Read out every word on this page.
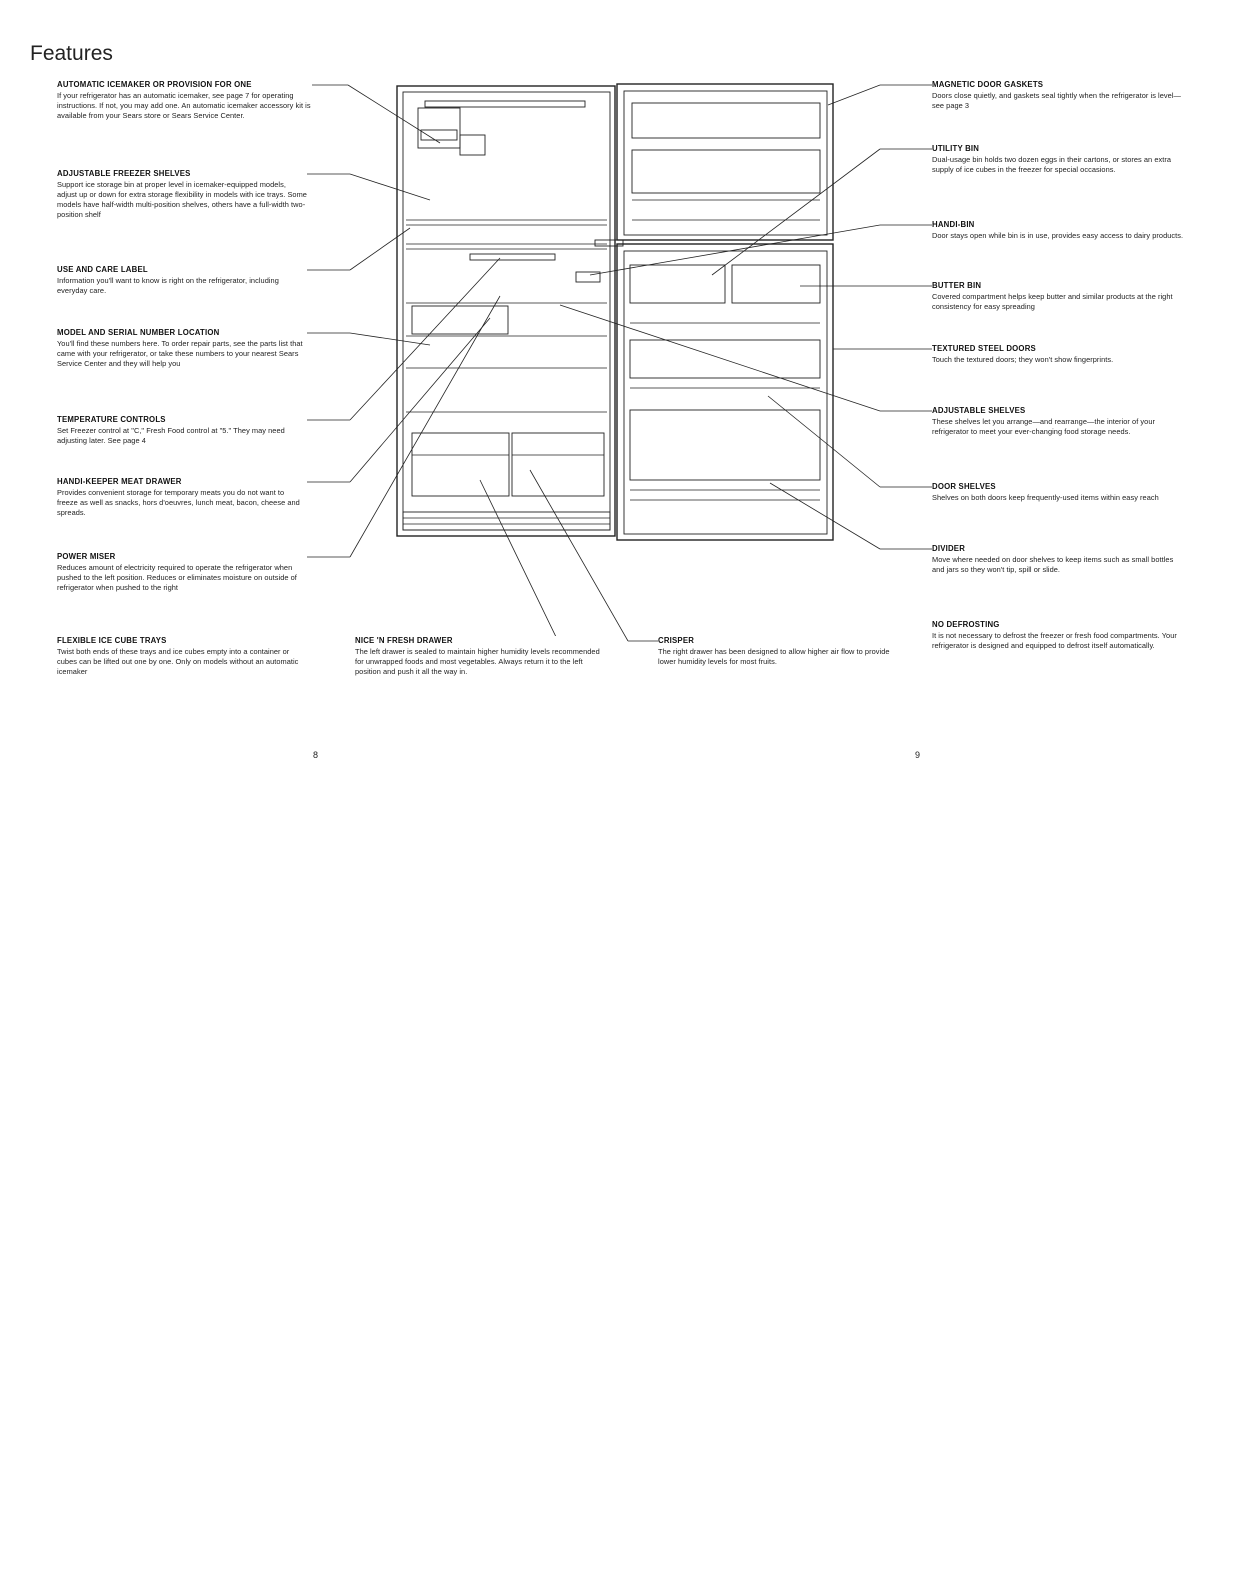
Features
AUTOMATIC ICEMAKER OR PROVISION FOR ONE
If your refrigerator has an automatic icemaker, see page 7 for operating instructions. If not, you may add one. An automatic icemaker accessory kit is available from your Sears store or Sears Service Center.
ADJUSTABLE FREEZER SHELVES
Support ice storage bin at proper level in icemaker-equipped models, adjust up or down for extra storage flexibility in models with ice trays. Some models have half-width multi-position shelves, others have a full-width two-position shelf
USE AND CARE LABEL
Information you'll want to know is right on the refrigerator, including everyday care.
MODEL AND SERIAL NUMBER LOCATION
You'll find these numbers here. To order repair parts, see the parts list that came with your refrigerator, or take these numbers to your nearest Sears Service Center and they will help you
TEMPERATURE CONTROLS
Set Freezer control at "C," Fresh Food control at "5." They may need adjusting later. See page 4
HANDI-KEEPER MEAT DRAWER
Provides convenient storage for temporary meats you do not want to freeze as well as snacks, hors d'oeuvres, lunch meat, bacon, cheese and spreads.
POWER MISER
Reduces amount of electricity required to operate the refrigerator when pushed to the left position. Reduces or eliminates moisture on outside of refrigerator when pushed to the right
FLEXIBLE ICE CUBE TRAYS
Twist both ends of these trays and ice cubes empty into a container or cubes can be lifted out one by one. Only on models without an automatic icemaker
NICE 'N FRESH DRAWER
The left drawer is sealed to maintain higher humidity levels recommended for unwrapped foods and most vegetables. Always return it to the left position and push it all the way in.
CRISPER
The right drawer has been designed to allow higher air flow to provide lower humidity levels for most fruits.
MAGNETIC DOOR GASKETS
Doors close quietly, and gaskets seal tightly when the refrigerator is level—see page 3
UTILITY BIN
Dual-usage bin holds two dozen eggs in their cartons, or stores an extra supply of ice cubes in the freezer for special occasions.
HANDI-BIN
Door stays open while bin is in use, provides easy access to dairy products.
BUTTER BIN
Covered compartment helps keep butter and similar products at the right consistency for easy spreading
TEXTURED STEEL DOORS
Touch the textured doors; they won't show fingerprints.
ADJUSTABLE SHELVES
These shelves let you arrange—and rearrange—the interior of your refrigerator to meet your ever-changing food storage needs.
DOOR SHELVES
Shelves on both doors keep frequently-used items within easy reach
DIVIDER
Move where needed on door shelves to keep items such as small bottles and jars so they won't tip, spill or slide.
NO DEFROSTING
It is not necessary to defrost the freezer or fresh food compartments. Your refrigerator is designed and equipped to defrost itself automatically.
8	9
